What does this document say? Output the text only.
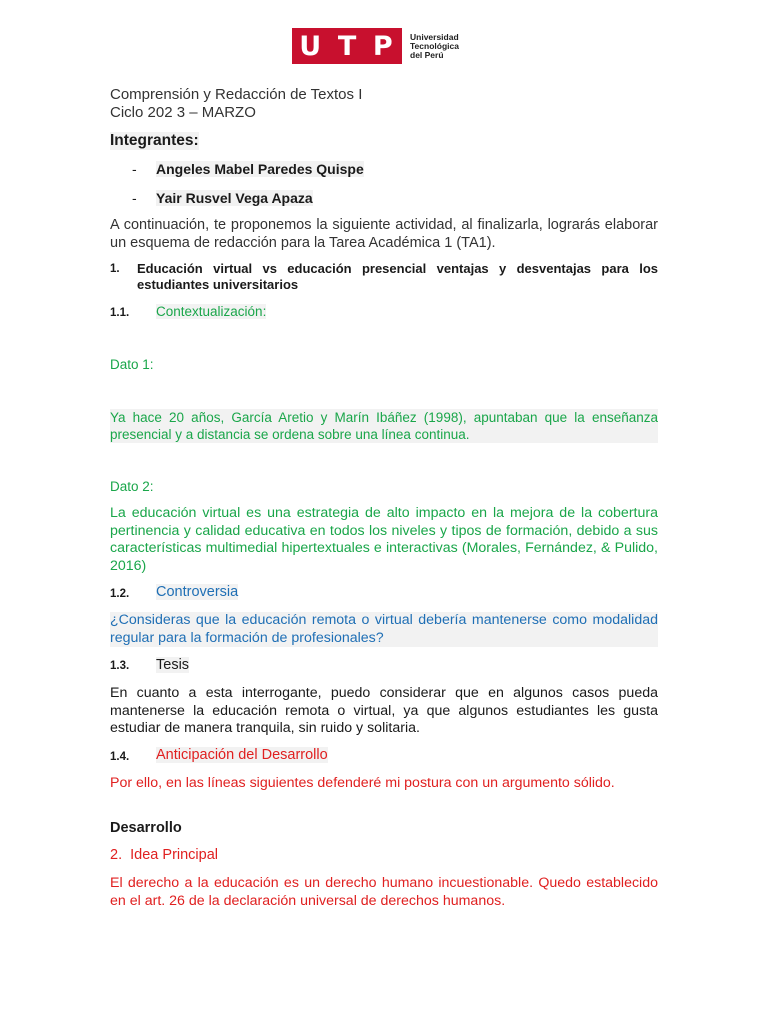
U T P Universidad
Tecnológica
del Perú
Comprensión y Redacción de Textos I
Ciclo 202 3 – MARZO
Integrantes:
- Angeles Mabel Paredes Quispe
- Yair Rusvel Vega Apaza
A continuación, te proponemos la siguiente actividad, al finalizarla, lograrás elaborar un esquema de redacción para la Tarea Académica 1 (TA1).
1. Educación virtual vs educación presencial ventajas y desventajas para los estudiantes universitarios
1.1. Contextualización:
Dato 1:
Ya hace 20 años, García Aretio y Marín Ibáñez (1998), apuntaban que la enseñanza presencial y a distancia se ordena sobre una línea continua.
Dato 2:
La educación virtual es una estrategia de alto impacto en la mejora de la cobertura pertinencia y calidad educativa en todos los niveles y tipos de formación, debido a sus características multimedial hipertextuales e interactivas (Morales, Fernández, & Pulido, 2016)
1.2. Controversia
¿Consideras que la educación remota o virtual debería mantenerse como modalidad regular para la formación de profesionales?
1.3. Tesis
En cuanto a esta interrogante, puedo considerar que en algunos casos pueda mantenerse la educación remota o virtual, ya que algunos estudiantes les gusta estudiar de manera tranquila, sin ruido y solitaria.
1.4. Anticipación del Desarrollo
Por ello, en las líneas siguientes defenderé mi postura con un argumento sólido.
Desarrollo
2.  Idea Principal
El derecho a la educación es un derecho humano incuestionable. Quedo establecido en el art. 26 de la declaración universal de derechos humanos.
